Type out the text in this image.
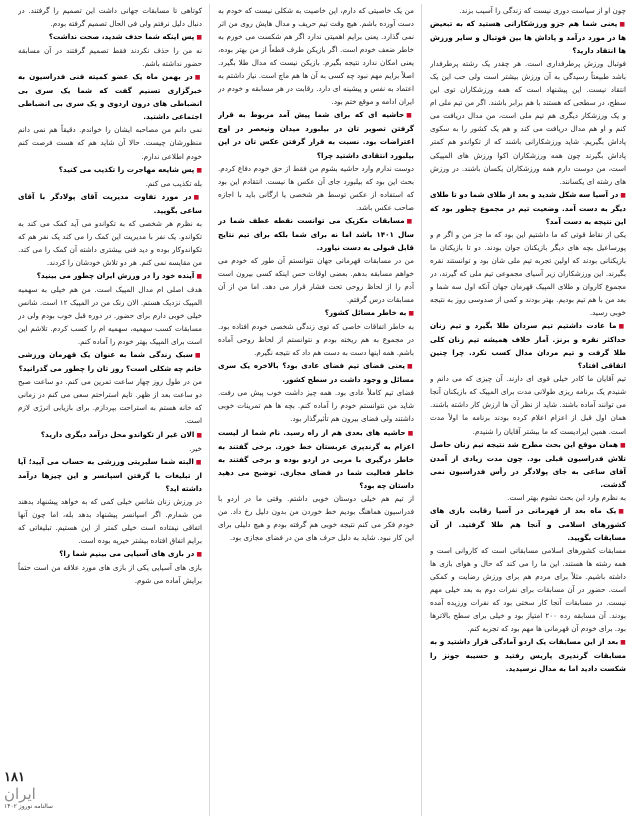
چون او از سیاست دوری نیست که زندگی را آسیب بزند.

■ یعنی شما هم جزو ورزشکارانی هستید که به تبعیض ها در مورد درآمد و پاداش ها بین فوتبال و سایر ورزش ها انتقاد دارید؟

فوتبال ورزش پرطرفداری است. هر چقدر یک رشته پرطرفدار باشد طبیعتاً رسیدگی به آن ورزش بیشتر است ولی حب این یک انتقاد نیست. این پیشنهاد است که همه ورزشکاران توی این سطح، در سطحی که هستند با هم برابر باشند. اگر من تیم ملی ام و یک ورزشکار دیگری هم تیم ملی است، من مدال دریافت می کنم و او هم مدال دریافت می کند و هم یک کشور را به سکوی پاداش بگیریم. شاید ورزشکارانی باشند که از تکواندو هم کمتر پاداش بگیرند چون همه ورزشکاران اکوا ورزش های المپیکی است، من دوست دارم همه ورزشکاران یکسان باشند. در ورزش های رشته ای یکسانند.

■ در آسیا سه شکل شدید و بعد از طلای شما دو تا طلای دیگر به دست آمد. وضعیت تیم در مجموع چطور بود که این نتیجه به دست آمد؟

یکی از نقاط قوتی که ما داشتیم این بود که ما جز من و اگر م و پورساعیل بچه های دیگر بازیکنان جوان بودند. دو تا بازیکنان ما بازیکنانی بودند که اولین تجربه تیم ملی شان بود و توانستند نقره بگیرند. این ورزشکاران زیر آسیای مجموعی تیم ملی که گیرند، در مجموع کاروان و طلای المپیک قهرمان جهان آنکه اول سه شما و بعد من با هم تیم بودیم. بهتر بودند و کمی از صدوسی روز به نتیجه خوبی رسید.

■ ما عادت داشتیم تیم سردان طلا بگیرد و تیم زنان حداکثر نقره و برنز. آمار خلاف همیشه تیم زنان کلی طلا گرفت و تیم مردان مدال کسب نکرد. چرا چنین اتفاقی افتاد؟

تیم آقایان ما کادر خیلی قوی ای دارند. آن چیزی که می دانم و شنیدم یک برنامه ریزی طولانی مدت برای المپیک که بازیکنان آنجا می توانند آماده باشند. شاید از نظر آن ها ارزش کار داشته باشند. همان اول قبل از اعزام اعلام کرده بودند برنامه ما اولاً مدت است. همین ایرادیست که ما بیشتر آقایان را شنیدم.

■ همان موقع این بحث مطرح شد نتیجه تیم زنان حاصل تلاش فدراسیون قبلی بود. چون مدت زیادی از آمدن آقای ساعی به جای پولادگر در رأس فدراسیون نمی گذشت.

به نظرم وارد این بحث نشوم بهتر است.

■ یک ماه بعد از قهرمانی در آسیا رقابت بازی های کشورهای اسلامی و آنجا هم طلا گرفتید. از آن مسابقات بگویید.

مسابقات کشورهای اسلامی مسابقاتی است که کاروانی است و همه رشته ها هستند. این ما را می کند که حال و هوای بازی ها داشته باشیم. مثلاً برای مردم هم برای ورزش رضایت و کمکی است. حضور در آن مسابقات برای نفرات دوم به بعد خیلی مهم نیست. در مسابقات آنجا کار سختی بود که نفرات ورزیده آمده بودند. آن مسابقه رده ۲۰۰ امتیاز بود و خیلی برای سطح بالاترها بود. برای خودم آن قهرمانی ها مهم بود که تجربه کنم.

■ بعد از این مسابقات یک اردو آمادگی قرار داشتید و به مسابقات گرندپری پاریس رفتید و حسیبه جونز را شکست دادید اما به مدال نرسیدید.

من یک خاصیتی که دارم، این خاصیت به شکلی نیست که خودم به دست آورده باشم. هیچ وقت تیم حریف و مدال هایش روی من اثر نمی گذارد. یعنی برایم اهمیتی ندارد اگر هم شکست می خورم به خاطر ضعف خودم است. اگر بازیکن طرف قطعاً از من بهتر بوده، یعنی امکان ندارد نتیجه بگیرم. بازیکن نیست که مدال طلا بگیرد. اصلاً برایم مهم نبود چه کسی به آن ها هم ماچ است. نیاز داشتم به اعتماد به نفس و پیشینه ای دارد. رقابت در هر مسابقه و خودم در ایران ادامه و موقع ختم بود.

■ حاشیه ای که برای شما پیش آمد مربوط به قرار گرفتن تصویر تان در بیلبورد میدان ونیعصر در اوج اعتراضات بود. نسبت به قرار گرفتن عکس تان در این بیلبورد انتقادی داشتید چرا؟

دوست ندارم وارد حاشیه بشوم من فقط از حق خودم دفاع کردم. بحث این بود که بیلبورد جای آن عکس ها نیست. انتقادم این بود که استفاده از عکس توسط هر شخصی یا ارگانی باید با اجازه صاحب عکس باشد.

■ مسابقات مکزیک می توانست نقطه عطف شما در سال ۱۴۰۱ باشد اما نه برای شما بلکه برای تیم نتایج قابل قبولی به دست نیاورد.

من در مسابقات قهرمانی جهان نتوانستم آن طور که خودم می خواهم مسابقه بدهم. بعضی اوقات حس اینکه کسی بیرون است آدم را از لحاظ روحی تحت فشار قرار می دهد. اما من از آن مسابقات درس گرفتم.

■ به خاطر مسائل کشور؟

به خاطر اتفاقات خاصی که توی زندگی شخصی خودم افتاده بود. در مجموع به هم ریخته بودم و نتوانستم از لحاظ روحی آماده باشم. همه اینها دست به دست هم داد که نتیجه نگیرم.

■ یعنی فضای تیم فضای عادی بود؟ بالاخره یک سری مسائل و وجود داشت در سطح کشور.

فضای تیم کاملاً عادی بود. همه چیز داشت خوب پیش می رفت. شاید من نتوانستم خودم را آماده کنم. بچه ها هم تمرینات خوبی داشتند ولی فضای بیرون هم تأثیرگذار بود.

■ حاشیه های بعدی هم از راه رسید. نام شما از لیست اعزام به گرندپری عربستان خط خورد. برخی گفتند به خاطر درگیری با مربی در اردو بوده و برخی گفتند به خاطر فعالیت شما در فضای مجازی. توضیح می دهید داستان چه بود؟

از تیم هم خیلی دوستان خوبی داشتم. وقتی ما در اردو با فدراسیون هماهنگ بودیم خط خوردن من بدون دلیل رخ داد. من خودم فکر می کنم نتیجه خوبی هم گرفته بودم و هیچ دلیلی برای این کار نبود. شاید به دلیل حرف های من در فضای مجازی بود.

کوتاهی تا مسابقات جهانی داشت این تصمیم را گرفتند. در دنبال دلیل نرفتم ولی فی الحال تصمیم گرفته بودم.

■ پس اینکه شما حذف شدید، صحت نداشت؟

نه من را حذف نکردند فقط تصمیم گرفتند در آن مسابقه حضور نداشته باشم.

■ در بهمن ماه یک عضو کمیته فنی فدراسیون به خبرگزاری تسنیم گفت که شما یک سری بی انضباطی های درون اردوی و یک سری بی انضباطی اجتماعی داشتید.

نمی دانم من مصاحبه ایشان را خواندم. دقیقاً هم نمی دانم منظورشان چیست. حالا آن شاید هم که هست فرصت کنم خودم اطلاعی ندارم.

■ پس شایعه مهاجرت را تکذیب می کنید؟

بله تکذیب می کنم.

■ در مورد تفاوت مدیریت آقای پولادگر با آقای ساعی بگویید.

به نظرم هر شخصی که به تکواندو می آید کمک می کند به تکواندو. یک نفر با مدیریت این کمک را می کند یک نفر هم که تکواندوکار بوده و دید فنی بیشتری داشته آن کمک را می کند. من مقایسه نمی کنم. هر دو تلاش خودشان را کردند.

■ آینده خود را در ورزش ایران چطور می بینید؟

هدف اصلی ام مدال المپیک است. من هم خیلی به سهمیه المپیک نزدیک هستم. الان رنک من در المپیک ۱۲ است. شانس خیلی خوبی دارم برای حضور. در دوره قبل خوب بودم ولی در مسابقات کسب سهمیه، سهمیه ام را کسب کردم. تلاشم این است برای المپیک بهتر خودم را آماده کنم.

■ سبک زندگی شما به عنوان یک قهرمان ورزشی خانم چه شکلی است؟ روز تان را چطور می گذرانید؟

من در طول روز چهار ساعت تمرین می کنم. دو ساعت صبح دو ساعت بعد از ظهر. تایم استراحتم سعی می کنم در زمانی که خانه هستم به استراحت بپردازم. برای بازیابی انرژی لازم است.

■ الان غیر از تکواندو محل درآمد دیگری دارید؟

خیر.

■ البته شما سلبریتی ورزشی به حساب می آیید؛ آیا از تبلیغات با گرفتن اسپانسر و این چیزها درآمد داشته اید؟

در ورزش زنان شانس خیلی کمی که به خواهد پیشنهاد بدهند من شمارم. اگر اسپانسر پیشنهاد بدهد بله، اما چون آنها اتفاقی نیفتاده است خیلی کمتر از این هستیم. تبلیغاتی که برایم اتفاق افتاده بیشتر خیریه بوده است.

■ در بازی های آسیایی می بینیم شما را؟

بازی های آسیایی یکی از بازی های مورد علاقه من است حتماً برایش آماده می شوم.

۱۸۱
ایران
سالنامه نوروز ۱۴۰۲
